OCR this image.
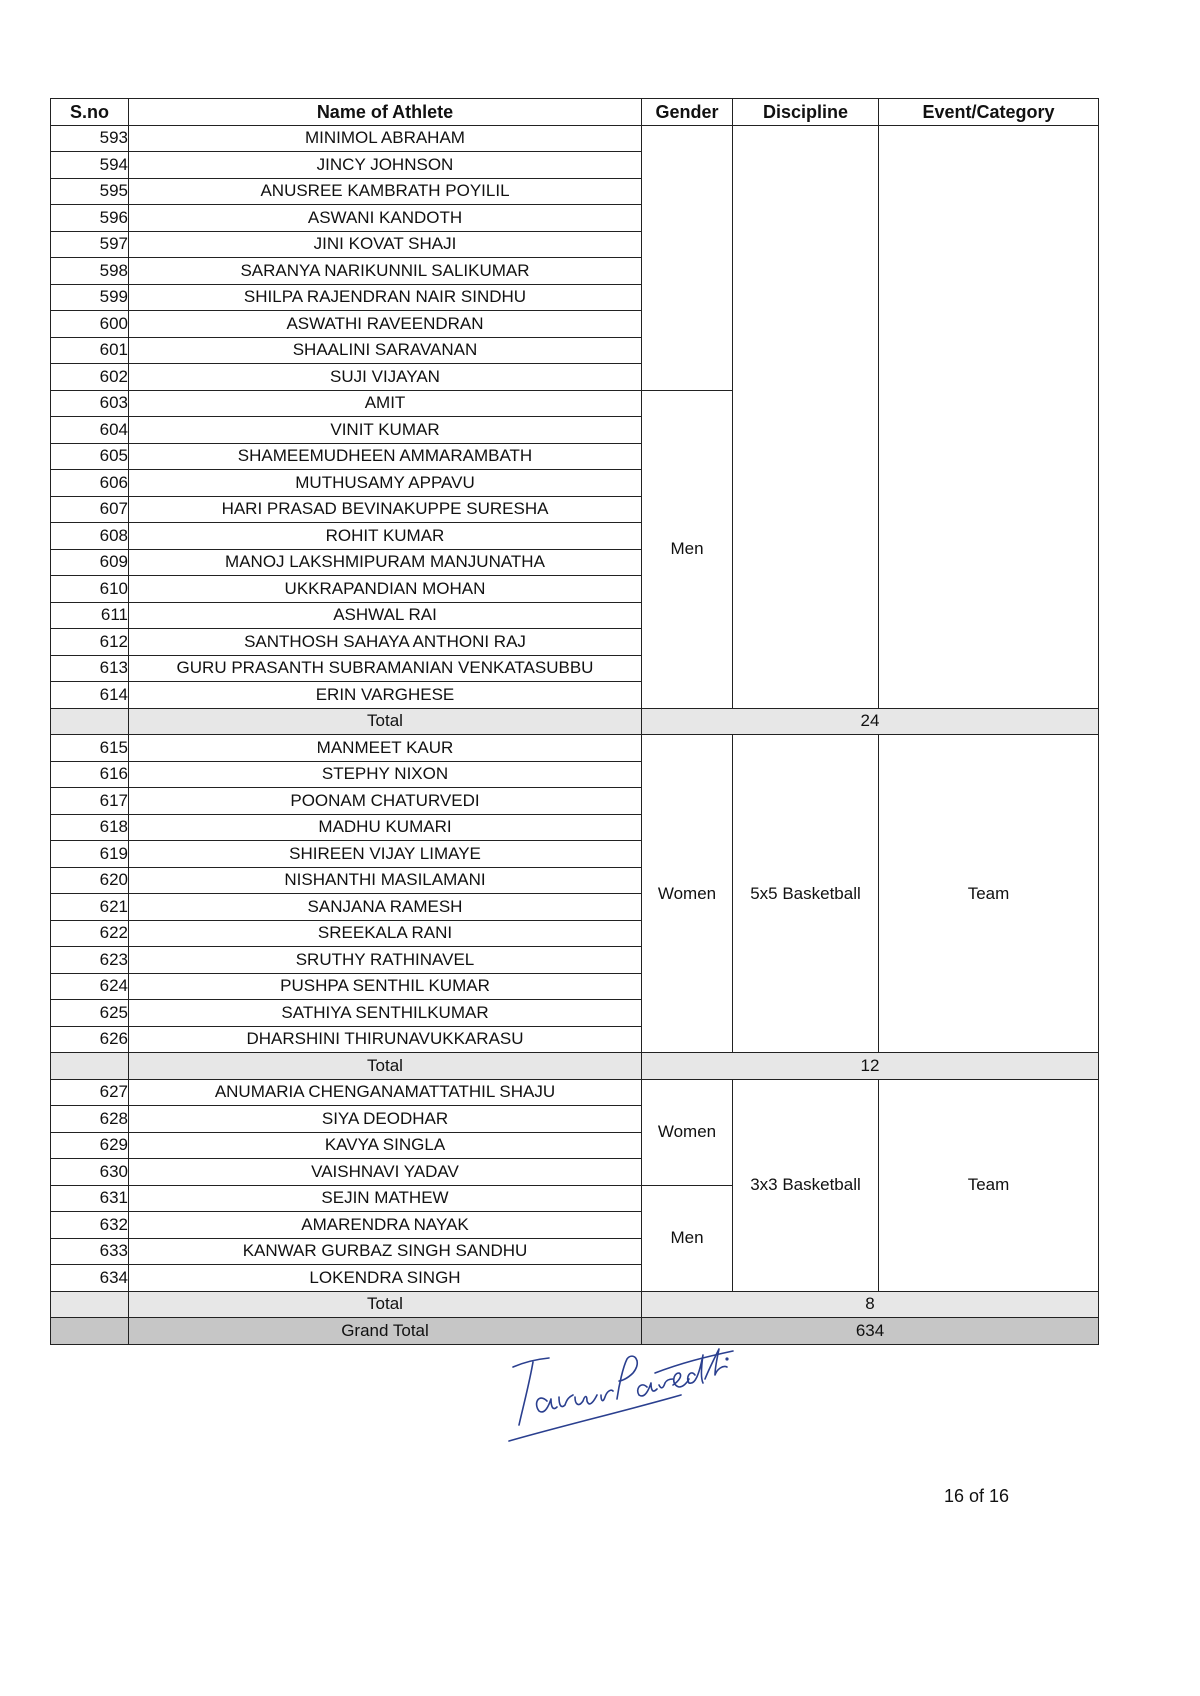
S.no	Name of Athlete	Gender	Discipline	Event/Category
593	MINIMOL ABRAHAM			
594	JINCY JOHNSON			
595	ANUSREE KAMBRATH POYILIL			
596	ASWANI KANDOTH			
597	JINI KOVAT SHAJI			
598	SARANYA NARIKUNNIL SALIKUMAR			
599	SHILPA RAJENDRAN NAIR SINDHU			
600	ASWATHI RAVEENDRAN			
601	SHAALINI SARAVANAN			
602	SUJI VIJAYAN			
603	AMIT	Men		
604	VINIT KUMAR			
605	SHAMEEMUDHEEN AMMARAMBATH			
606	MUTHUSAMY APPAVU			
607	HARI PRASAD BEVINAKUPPE SURESHA			
608	ROHIT KUMAR			
609	MANOJ LAKSHMIPURAM MANJUNATHA			
610	UKKRAPANDIAN MOHAN			
611	ASHWAL RAI			
612	SANTHOSH SAHAYA ANTHONI RAJ			
613	GURU PRASANTH SUBRAMANIAN VENKATASUBBU			
614	ERIN VARGHESE			
	Total	24		
615	MANMEET KAUR	Women	5x5 Basketball	Team
616	STEPHY NIXON			
617	POONAM CHATURVEDI			
618	MADHU KUMARI			
619	SHIREEN VIJAY LIMAYE			
620	NISHANTHI MASILAMANI			
621	SANJANA RAMESH			
622	SREEKALA RANI			
623	SRUTHY RATHINAVEL			
624	PUSHPA SENTHIL KUMAR			
625	SATHIYA SENTHILKUMAR			
626	DHARSHINI THIRUNAVUKKARASU			
	Total	12		
627	ANUMARIA CHENGANAMATTATHIL SHAJU	Women	3x3 Basketball	Team
628	SIYA DEODHAR			
629	KAVYA SINGLA			
630	VAISHNAVI YADAV			
631	SEJIN MATHEW	Men		
632	AMARENDRA NAYAK			
633	KANWAR GURBAZ SINGH SANDHU			
634	LOKENDRA SINGH			
	Total	8		
	Grand Total	634		
16 of 16
